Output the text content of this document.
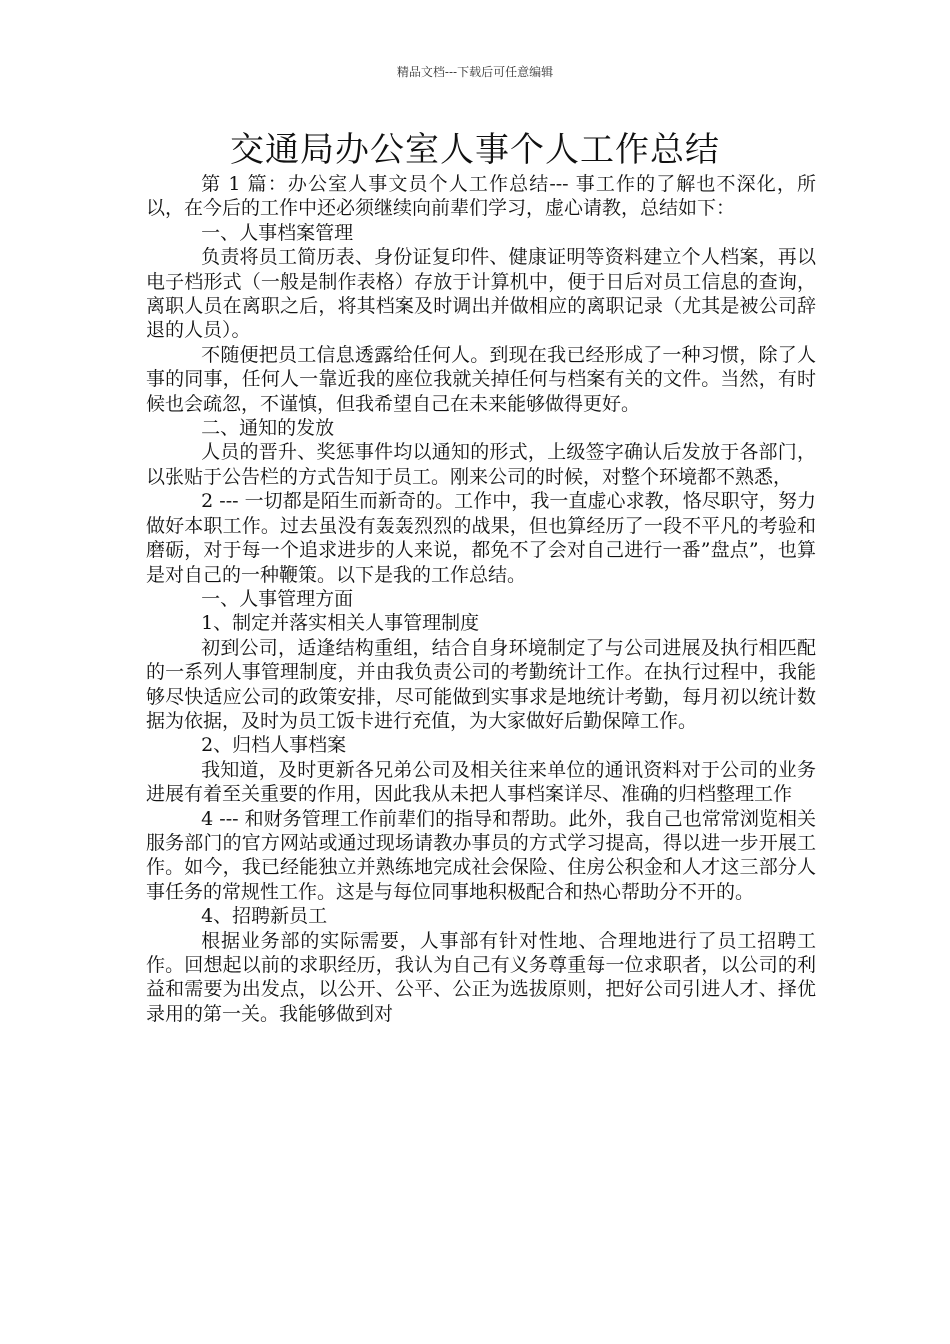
精品文档---下载后可任意编辑
交通局办公室人事个人工作总结

第 1 篇：办公室人事文员个人工作总结--- 事工作的了解也不深化，所以，在今后的工作中还必须继续向前辈们学习，虚心请教，总结如下：

一、人事档案管理

负责将员工简历表、身份证复印件、健康证明等资料建立个人档案，再以电子档形式（一般是制作表格）存放于计算机中，便于日后对员工信息的查询，离职人员在离职之后，将其档案及时调出并做相应的离职记录（尤其是被公司辞退的人员）。

不随便把员工信息透露给任何人。到现在我已经形成了一种习惯，除了人事的同事，任何人一靠近我的座位我就关掉任何与档案有关的文件。当然，有时候也会疏忽，不谨慎，但我希望自己在未来能够做得更好。

二、通知的发放

人员的晋升、奖惩事件均以通知的形式，上级签字确认后发放于各部门，以张贴于公告栏的方式告知于员工。刚来公司的时候，对整个环境都不熟悉，

2 --- 一切都是陌生而新奇的。工作中，我一直虚心求教，恪尽职守，努力做好本职工作。过去虽没有轰轰烈烈的战果，但也算经历了一段不平凡的考验和磨砺，对于每一个追求进步的人来说，都免不了会对自己进行一番”盘点”，也算是对自己的一种鞭策。以下是我的工作总结。

一、人事管理方面

1、制定并落实相关人事管理制度

初到公司，适逢结构重组，结合自身环境制定了与公司进展及执行相匹配的一系列人事管理制度，并由我负责公司的考勤统计工作。在执行过程中，我能够尽快适应公司的政策安排，尽可能做到实事求是地统计考勤，每月初以统计数据为依据，及时为员工饭卡进行充值，为大家做好后勤保障工作。

2、归档人事档案

我知道，及时更新各兄弟公司及相关往来单位的通讯资料对于公司的业务进展有着至关重要的作用，因此我从未把人事档案详尽、准确的归档整理工作

4 --- 和财务管理工作前辈们的指导和帮助。此外，我自己也常常浏览相关服务部门的官方网站或通过现场请教办事员的方式学习提高，得以进一步开展工作。如今，我已经能独立并熟练地完成社会保险、住房公积金和人才这三部分人事任务的常规性工作。这是与每位同事地积极配合和热心帮助分不开的。

4、招聘新员工

根据业务部的实际需要，人事部有针对性地、合理地进行了员工招聘工作。回想起以前的求职经历，我认为自己有义务尊重每一位求职者，以公司的利益和需要为出发点，以公开、公平、公正为选拔原则，把好公司引进人才、择优录用的第一关。我能够做到对
